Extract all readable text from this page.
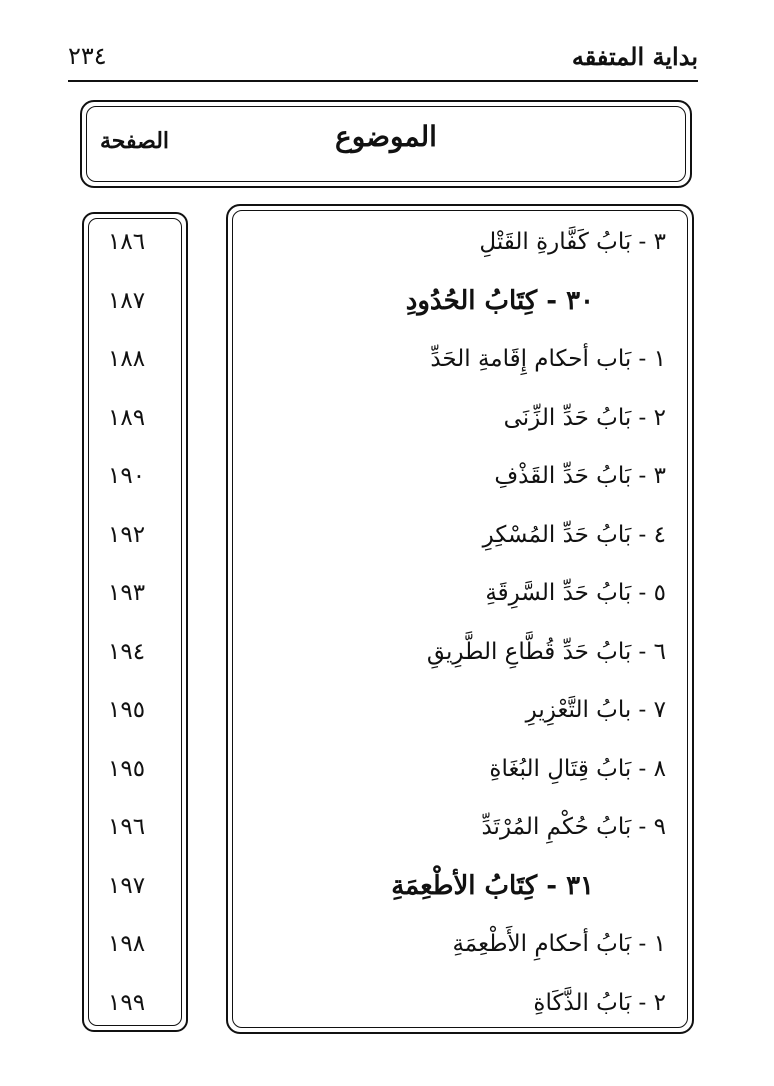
٢٣٤	بداية المتفقه
الموضوع
الصفحة
٣ - بَابُ كَفَّارةِ القَتْلِ
١٨٦
٣٠ - كِتَابُ الحُدُودِ
١٨٧
١ - بَاب أحكام إِقَامةِ الحَدِّ
١٨٨
٢ - بَابُ حَدِّ الزِّنَى
١٨٩
٣ - بَابُ حَدِّ القَذْفِ
١٩٠
٤ - بَابُ حَدِّ المُسْكِرِ
١٩٢
٥ - بَابُ حَدِّ السَّرِقَةِ
١٩٣
٦ - بَابُ حَدِّ قُطَّاعِ الطَّرِيقِ
١٩٤
٧ - بابُ التَّعْزِيرِ
١٩٥
٨ - بَابُ قِتَالِ البُغَاةِ
١٩٥
٩ - بَابُ حُكْمِ المُرْتَدِّ
١٩٦
٣١ - كِتَابُ الأطْعِمَةِ
١٩٧
١ - بَابُ أحكامِ الأَطْعِمَةِ
١٩٨
٢ - بَابُ الذَّكَاةِ
١٩٩
